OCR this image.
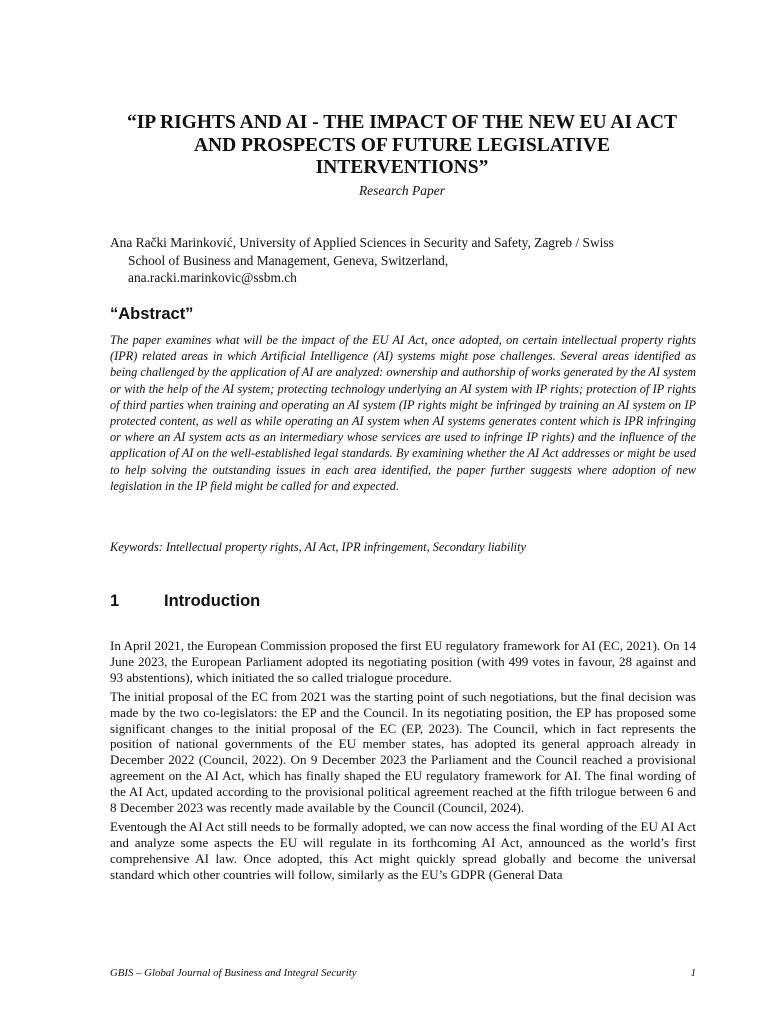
“IP RIGHTS AND AI - THE IMPACT OF THE NEW EU AI ACT AND PROSPECTS OF FUTURE LEGISLATIVE INTERVENTIONS”
Research Paper
Ana Rački Marinković, University of Applied Sciences in Security and Safety, Zagreb / Swiss
School of Business and Management, Geneva, Switzerland,
ana.racki.marinkovic@ssbm.ch
“Abstract”

The paper examines what will be the impact of the EU AI Act, once adopted, on certain intellectual property rights (IPR) related areas in which Artificial Intelligence (AI) systems might pose challenges. Several areas identified as being challenged by the application of AI are analyzed: ownership and authorship of works generated by the AI system or with the help of the AI system; protecting technology underlying an AI system with IP rights; protection of IP rights of third parties when training and operating an AI system (IP rights might be infringed by training an AI system on IP protected content, as well as while operating an AI system when AI systems generates content which is IPR infringing or where an AI system acts as an intermediary whose services are used to infringe IP rights) and the influence of the application of AI on the well-established legal standards. By examining whether the AI Act addresses or might be used to help solving the outstanding issues in each area identified, the paper further suggests where adoption of new legislation in the IP field might be called for and expected.

Keywords: Intellectual property rights, AI Act, IPR infringement, Secondary liability

1	Introduction

In April 2021, the European Commission proposed the first EU regulatory framework for AI (EC, 2021). On 14 June 2023, the European Parliament adopted its negotiating position (with 499 votes in favour, 28 against and 93 abstentions), which initiated the so called trialogue procedure.

The initial proposal of the EC from 2021 was the starting point of such negotiations, but the final decision was made by the two co-legislators: the EP and the Council. In its negotiating position, the EP has proposed some significant changes to the initial proposal of the EC (EP, 2023). The Council, which in fact represents the position of national governments of the EU member states, has adopted its general approach already in December 2022 (Council, 2022). On 9 December 2023 the Parliament and the Council reached a provisional agreement on the AI Act, which has finally shaped the EU regulatory framework for AI. The final wording of the AI Act, updated according to the provisional political agreement reached at the fifth trilogue between 6 and 8 December 2023 was recently made available by the Council (Council, 2024).

Eventough the AI Act still needs to be formally adopted, we can now access the final wording of the EU AI Act and analyze some aspects the EU will regulate in its forthcoming AI Act, announced as the world’s first comprehensive AI law. Once adopted, this Act might quickly spread globally and become the universal standard which other countries will follow, similarly as the EU’s GDPR (General Data

GBIS – Global Journal of Business and Integral Security	1
